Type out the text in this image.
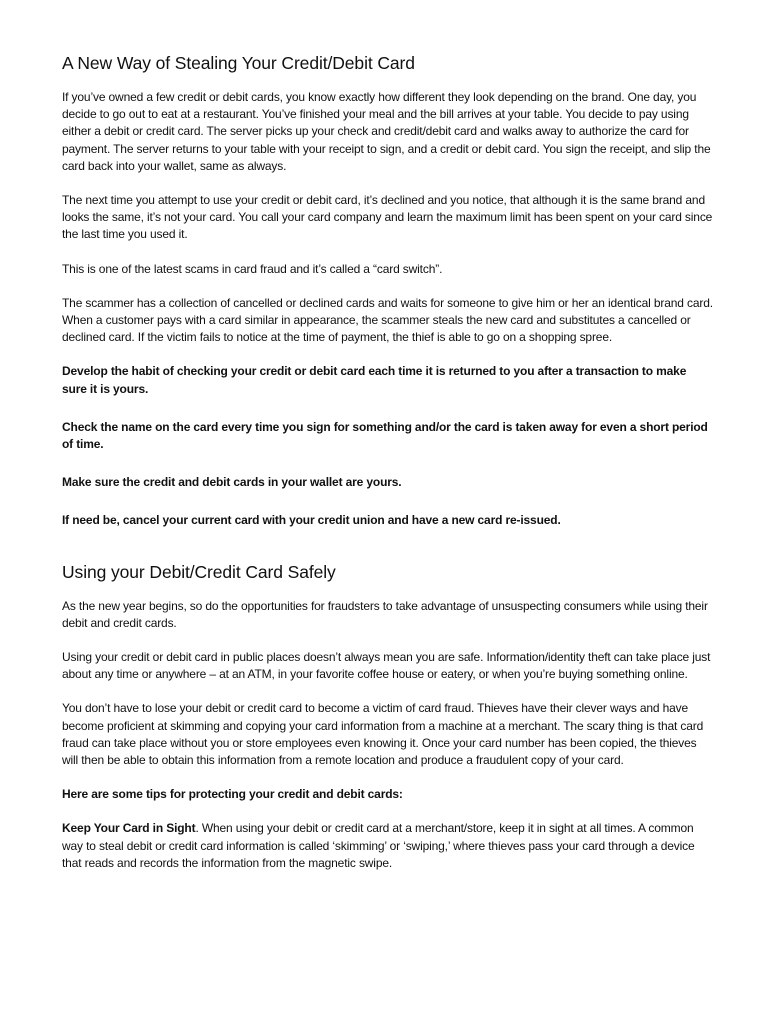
A New Way of Stealing Your Credit/Debit Card

If you’ve owned a few credit or debit cards, you know exactly how different they look depending on the brand. One day, you decide to go out to eat at a restaurant. You’ve finished your meal and the bill arrives at your table. You decide to pay using either a debit or credit card. The server picks up your check and credit/debit card and walks away to authorize the card for payment. The server returns to your table with your receipt to sign, and a credit or debit card. You sign the receipt, and slip the card back into your wallet, same as always.

The next time you attempt to use your credit or debit card, it’s declined and you notice, that although it is the same brand and looks the same, it’s not your card. You call your card company and learn the maximum limit has been spent on your card since the last time you used it.

This is one of the latest scams in card fraud and it’s called a “card switch”.

The scammer has a collection of cancelled or declined cards and waits for someone to give him or her an identical brand card. When a customer pays with a card similar in appearance, the scammer steals the new card and substitutes a cancelled or declined card. If the victim fails to notice at the time of payment, the thief is able to go on a shopping spree.

Develop the habit of checking your credit or debit card each time it is returned to you after a transaction to make sure it is yours.

Check the name on the card every time you sign for something and/or the card is taken away for even a short period of time.

Make sure the credit and debit cards in your wallet are yours.

If need be, cancel your current card with your credit union and have a new card re-issued.

Using your Debit/Credit Card Safely

As the new year begins, so do the opportunities for fraudsters to take advantage of unsuspecting consumers while using their debit and credit cards.

Using your credit or debit card in public places doesn’t always mean you are safe. Information/identity theft can take place just about any time or anywhere – at an ATM, in your favorite coffee house or eatery, or when you’re buying something online.

You don’t have to lose your debit or credit card to become a victim of card fraud. Thieves have their clever ways and have become proficient at skimming and copying your card information from a machine at a merchant. The scary thing is that card fraud can take place without you or store employees even knowing it. Once your card number has been copied, the thieves will then be able to obtain this information from a remote location and produce a fraudulent copy of your card.

Here are some tips for protecting your credit and debit cards:

Keep Your Card in Sight. When using your debit or credit card at a merchant/store, keep it in sight at all times. A common way to steal debit or credit card information is called ‘skimming’ or ‘swiping,’ where thieves pass your card through a device that reads and records the information from the magnetic swipe.
